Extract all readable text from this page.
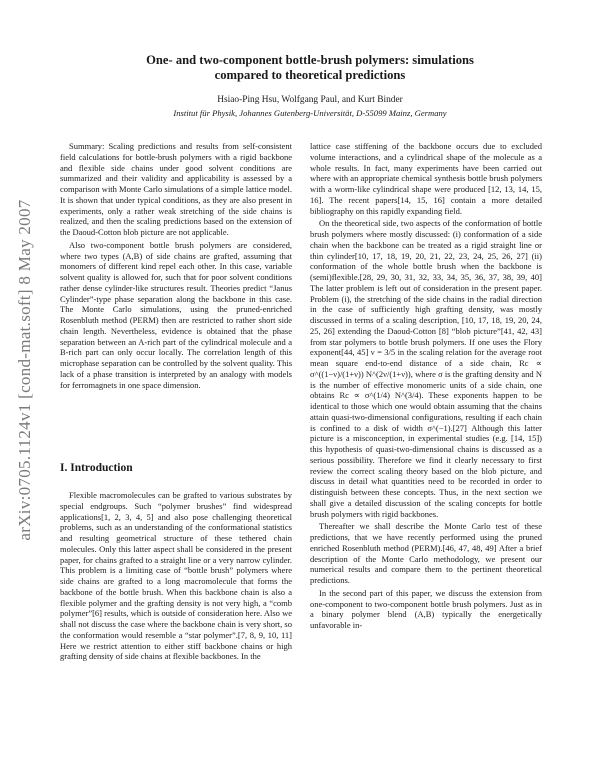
arXiv:0705.1124v1 [cond-mat.soft] 8 May 2007
One- and two-component bottle-brush polymers: simulations
compared to theoretical predictions
Hsiao-Ping Hsu, Wolfgang Paul, and Kurt Binder
Institut für Physik, Johannes Gutenberg-Universität, D-55099 Mainz, Germany

Summary: Scaling predictions and results from self-consistent field calculations for bottle-brush polymers with a rigid backbone and flexible side chains under good solvent conditions are summarized and their validity and applicability is assessed by a comparison with Monte Carlo simulations of a simple lattice model. It is shown that under typical conditions, as they are also present in experiments, only a rather weak stretching of the side chains is realized, and then the scaling predictions based on the extension of the Daoud-Cotton blob picture are not applicable.

Also two-component bottle brush polymers are considered, where two types (A,B) of side chains are grafted, assuming that monomers of different kind repel each other. In this case, variable solvent quality is allowed for, such that for poor solvent conditions rather dense cylinder-like structures result. Theories predict “Janus Cylinder”-type phase separation along the backbone in this case. The Monte Carlo simulations, using the pruned-enriched Rosenbluth method (PERM) then are restricted to rather short side chain length. Nevertheless, evidence is obtained that the phase separation between an A-rich part of the cylindrical molecule and a B-rich part can only occur locally. The correlation length of this microphase separation can be controlled by the solvent quality. This lack of a phase transition is interpreted by an analogy with models for ferromagnets in one space dimension.

I. Introduction

Flexible macromolecules can be grafted to various substrates by special endgroups. Such “polymer brushes” find widespread applications[1, 2, 3, 4, 5] and also pose challenging theoretical problems, such as an understanding of the conformational statistics and resulting geometrical structure of these tethered chain molecules. Only this latter aspect shall be considered in the present paper, for chains grafted to a straight line or a very narrow cylinder. This problem is a limiting case of “bottle brush” polymers where side chains are grafted to a long macromolecule that forms the backbone of the bottle brush. When this backbone chain is also a flexible polymer and the grafting density is not very high, a “comb polymer”[6] results, which is outside of consideration here. Also we shall not discuss the case where the backbone chain is very short, so the conformation would resemble a “star polymer”.[7, 8, 9, 10, 11] Here we restrict attention to either stiff backbone chains or high grafting density of side chains at flexible backbones. In the

lattice case stiffening of the backbone occurs due to excluded volume interactions, and a cylindrical shape of the molecule as a whole results. In fact, many experiments have been carried out where with an appropriate chemical synthesis bottle brush polymers with a worm-like cylindrical shape were produced [12, 13, 14, 15, 16]. The recent papers[14, 15, 16] contain a more detailed bibliography on this rapidly expanding field.

On the theoretical side, two aspects of the conformation of bottle brush polymers where mostly discussed: (i) conformation of a side chain when the backbone can be treated as a rigid straight line or thin cylinder[10, 17, 18, 19, 20, 21, 22, 23, 24, 25, 26, 27] (ii) conformation of the whole bottle brush when the backbone is (semi)flexible.[28, 29, 30, 31, 32, 33, 34, 35, 36, 37, 38, 39, 40] The latter problem is left out of consideration in the present paper. Problem (i), the stretching of the side chains in the radial direction in the case of sufficiently high grafting density, was mostly discussed in terms of a scaling description, [10, 17, 18, 19, 20, 24, 25, 26] extending the Daoud-Cotton [8] “blob picture”[41, 42, 43] from star polymers to bottle brush polymers. If one uses the Flory exponent[44, 45] ν = 3/5 in the scaling relation for the average root mean square end-to-end distance of a side chain, Rc ∝ σ^((1−ν)/(1+ν)) N^(2ν/(1+ν)), where σ is the grafting density and N is the number of effective monomeric units of a side chain, one obtains Rc ∝ σ^(1/4) N^(3/4). These exponents happen to be identical to those which one would obtain assuming that the chains attain quasi-two-dimensional configurations, resulting if each chain is confined to a disk of width σ^(−1).[27] Although this latter picture is a misconception, in experimental studies (e.g. [14, 15]) this hypothesis of quasi-two-dimensional chains is discussed as a serious possibility. Therefore we find it clearly necessary to first review the correct scaling theory based on the blob picture, and discuss in detail what quantities need to be recorded in order to distinguish between these concepts. Thus, in the next section we shall give a detailed discussion of the scaling concepts for bottle brush polymers with rigid backbones.

Thereafter we shall describe the Monte Carlo test of these predictions, that we have recently performed using the pruned enriched Rosenbluth method (PERM).[46, 47, 48, 49] After a brief description of the Monte Carlo methodology, we present our numerical results and compare them to the pertinent theoretical predictions.

In the second part of this paper, we discuss the extension from one-component to two-component bottle brush polymers. Just as in a binary polymer blend (A,B) typically the energetically unfavorable in-
